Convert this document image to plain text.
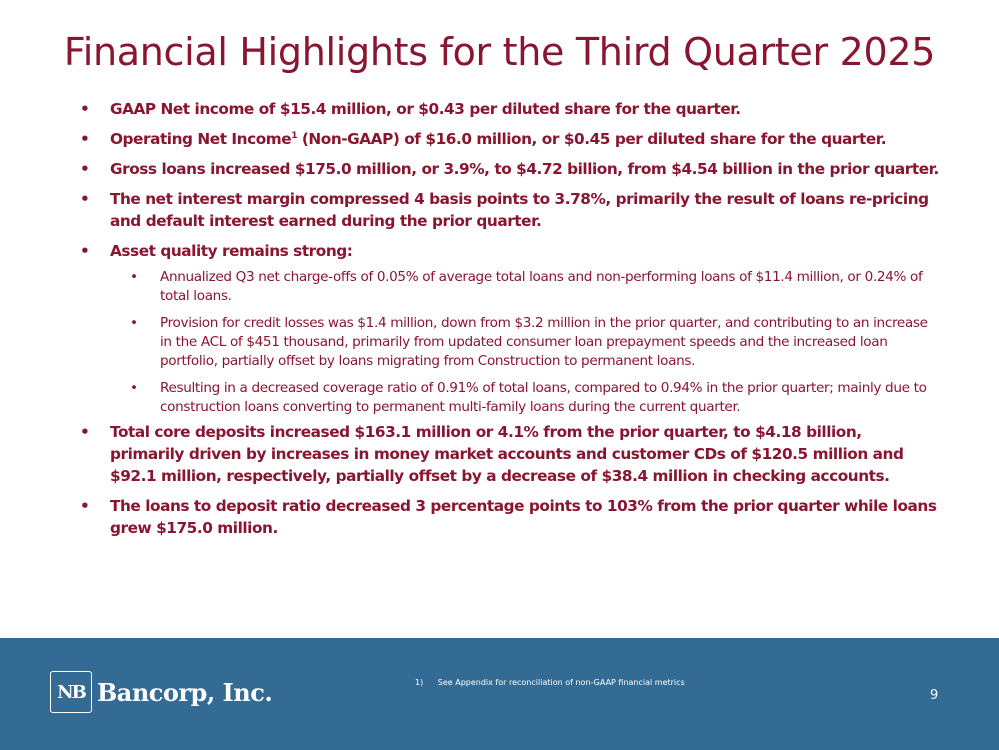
Financial Highlights for the Third Quarter 2025
• GAAP Net income of $15.4 million, or $0.43 per diluted share for the quarter.
• Operating Net Income$^1$ (Non-GAAP) of $16.0 million, or $0.45 per diluted share for the quarter.
• Gross loans increased $175.0 million, or 3.9%, to $4.72 billion, from $4.54 billion in the prior quarter.
• The net interest margin compressed 4 basis points to 3.78%, primarily the result of loans re-pricing and default interest earned during the prior quarter.
• Asset quality remains strong:
• Annualized Q3 net charge-offs of 0.05% of average total loans and non-performing loans of $11.4 million, or 0.24% of total loans.
• Provision for credit losses was $1.4 million, down from $3.2 million in the prior quarter, and contributing to an increase in the ACL of $451 thousand, primarily from updated consumer loan prepayment speeds and the increased loan portfolio, partially offset by loans migrating from Construction to permanent loans.
• Resulting in a decreased coverage ratio of 0.91% of total loans, compared to 0.94% in the prior quarter; mainly due to construction loans converting to permanent multi-family loans during the current quarter.
• Total core deposits increased $163.1 million or 4.1% from the prior quarter, to $4.18 billion, primarily driven by increases in money market accounts and customer CDs of $120.5 million and $92.1 million, respectively, partially offset by a decrease of $38.4 million in checking accounts.
• The loans to deposit ratio decreased 3 percentage points to 103% from the prior quarter while loans grew $175.0 million.
NB Bancorp, Inc.	1) See Appendix for reconciliation of non-GAAP financial metrics
9
